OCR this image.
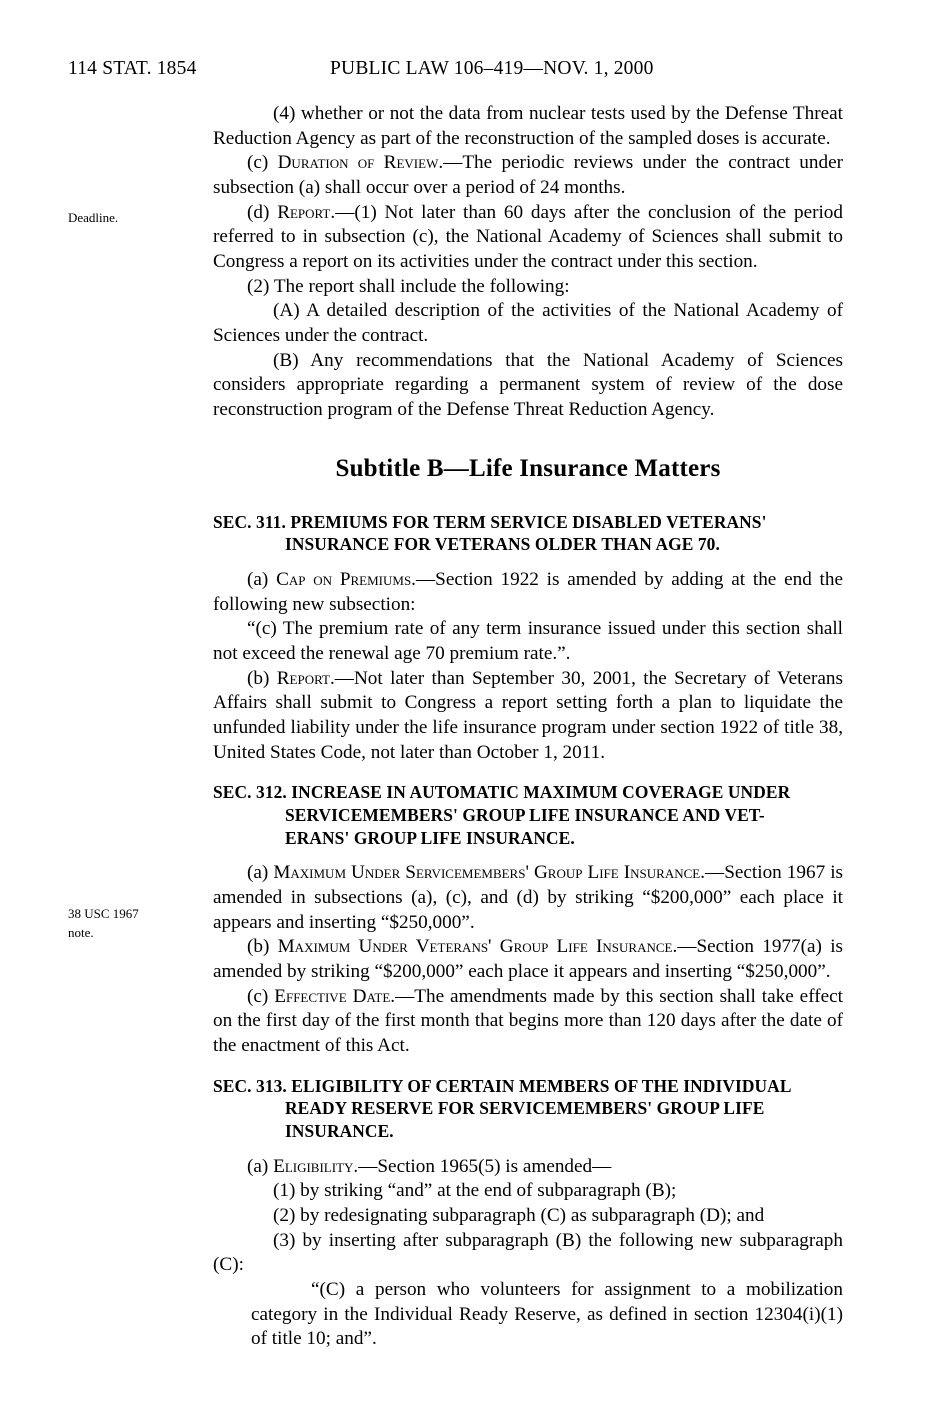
114 STAT. 1854	PUBLIC LAW 106–419—NOV. 1, 2000
Deadline.
38 USC 1967
note.

(4) whether or not the data from nuclear tests used by the Defense Threat Reduction Agency as part of the reconstruction of the sampled doses is accurate.

(c) Duration of Review.—The periodic reviews under the contract under subsection (a) shall occur over a period of 24 months.

(d) Report.—(1) Not later than 60 days after the conclusion of the period referred to in subsection (c), the National Academy of Sciences shall submit to Congress a report on its activities under the contract under this section.

(2) The report shall include the following:

(A) A detailed description of the activities of the National Academy of Sciences under the contract.

(B) Any recommendations that the National Academy of Sciences considers appropriate regarding a permanent system of review of the dose reconstruction program of the Defense Threat Reduction Agency.

Subtitle B—Life Insurance Matters
SEC. 311. PREMIUMS FOR TERM SERVICE DISABLED VETERANS'
INSURANCE FOR VETERANS OLDER THAN AGE 70.

(a) Cap on Premiums.—Section 1922 is amended by adding at the end the following new subsection:

“(c) The premium rate of any term insurance issued under this section shall not exceed the renewal age 70 premium rate.”.

(b) Report.—Not later than September 30, 2001, the Secretary of Veterans Affairs shall submit to Congress a report setting forth a plan to liquidate the unfunded liability under the life insurance program under section 1922 of title 38, United States Code, not later than October 1, 2011.

SEC. 312. INCREASE IN AUTOMATIC MAXIMUM COVERAGE UNDER
SERVICEMEMBERS' GROUP LIFE INSURANCE AND VET-
ERANS' GROUP LIFE INSURANCE.

(a) Maximum Under Servicemembers' Group Life Insurance.—Section 1967 is amended in subsections (a), (c), and (d) by striking “$200,000” each place it appears and inserting “$250,000”.

(b) Maximum Under Veterans' Group Life Insurance.—Section 1977(a) is amended by striking “$200,000” each place it appears and inserting “$250,000”.

(c) Effective Date.—The amendments made by this section shall take effect on the first day of the first month that begins more than 120 days after the date of the enactment of this Act.

SEC. 313. ELIGIBILITY OF CERTAIN MEMBERS OF THE INDIVIDUAL
READY RESERVE FOR SERVICEMEMBERS' GROUP LIFE
INSURANCE.

(a) Eligibility.—Section 1965(5) is amended—

(1) by striking “and” at the end of subparagraph (B);

(2) by redesignating subparagraph (C) as subparagraph (D); and

(3) by inserting after subparagraph (B) the following new subparagraph (C):

“(C) a person who volunteers for assignment to a mobilization category in the Individual Ready Reserve, as defined in section 12304(i)(1) of title 10; and”.
